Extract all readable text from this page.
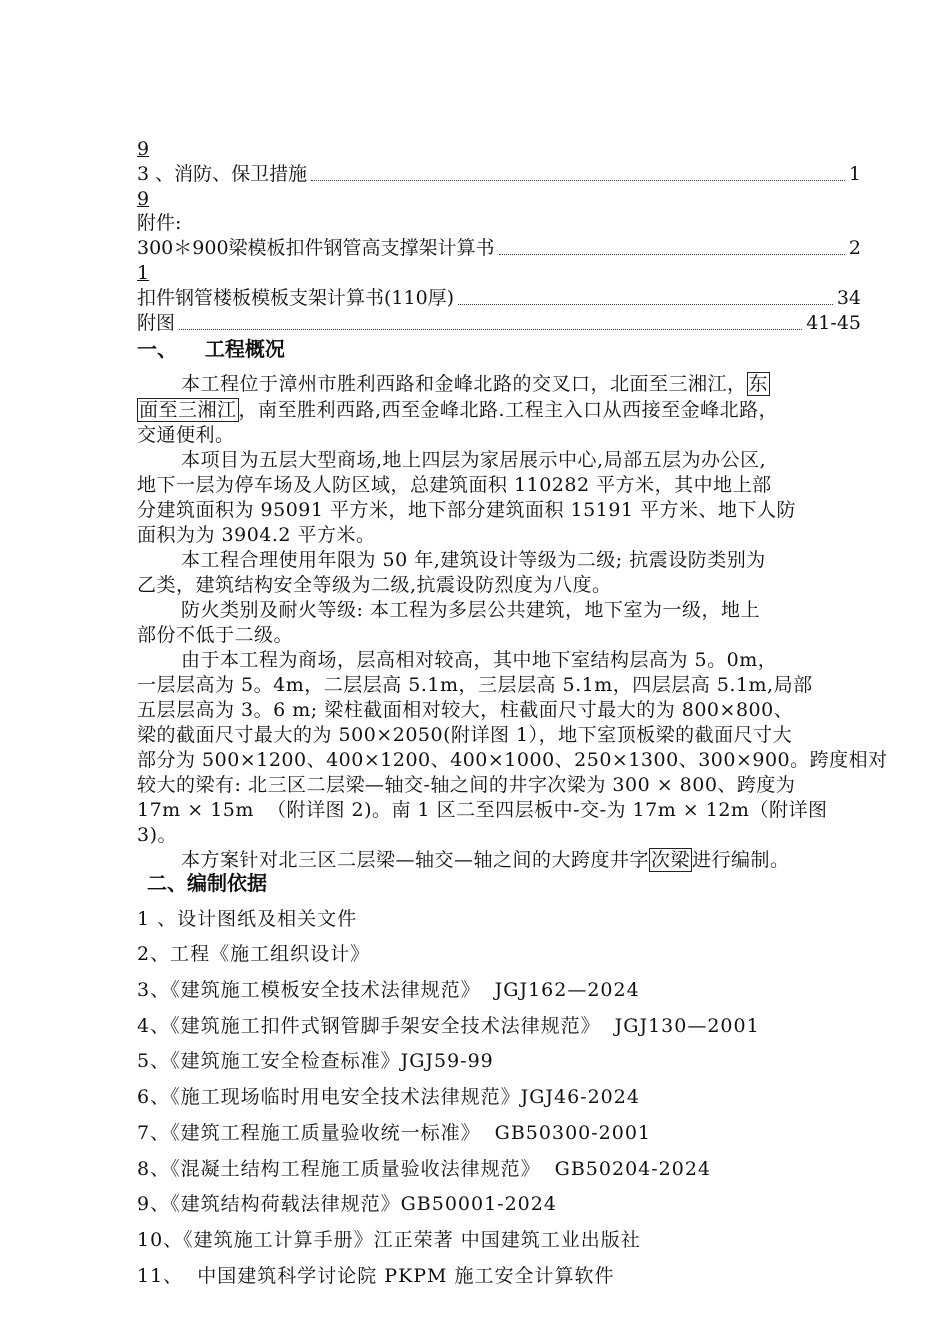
9
3 、消防、保卫措施	1
9
附件:
300＊900梁模板扣件钢管高支撑架计算书	2
1
扣件钢管楼板模板支架计算书(110厚)	34
附图	41-45
一、    工程概况
本工程位于漳州市胜利西路和金峰北路的交叉口，北面至三湘江， 东
面至三湘江 ，南至胜利西路,西至金峰北路.工程主入口从西接至金峰北路，
交通便利。
本项目为五层大型商场,地上四层为家居展示中心,局部五层为办公区,
地下一层为停车场及人防区域，总建筑面积 110282 平方米，其中地上部
分建筑面积为 95091 平方米，地下部分建筑面积 15191 平方米、地下人防
面积为为 3904.2 平方米。
本工程合理使用年限为 50 年,建筑设计等级为二级; 抗震设防类别为
乙类，建筑结构安全等级为二级,抗震设防烈度为八度。
防火类别及耐火等级: 本工程为多层公共建筑，地下室为一级，地上
部份不低于二级。
由于本工程为商场，层高相对较高，其中地下室结构层高为 5。0m，
一层层高为 5。4m，二层层高 5.1m，三层层高 5.1m，四层层高 5.1m,局部
五层层高为 3。6 m; 梁柱截面相对较大，柱截面尺寸最大的为 800×800、
梁的截面尺寸最大的为 500×2050(附详图 1），地下室顶板梁的截面尺寸大
部分为 500×1200、400×1200、400×1000、250×1300、300×900。跨度相对
较大的梁有: 北三区二层梁—轴交-轴之间的井字次梁为 300 × 800、跨度为
17m × 15m  （附详图 2)。南 1 区二至四层板中-交-为 17m × 12m（附详图
3)。
本方案针对北三区二层梁—轴交—轴之间的大跨度井字 次梁 进行编制。
二、编制依据
1 、设计图纸及相关文件
2、工程《施工组织设计》
3、《建筑施工模板安全技术法律规范》  JGJ162—2024
4、《建筑施工扣件式钢管脚手架安全技术法律规范》  JGJ130—2001
5、《建筑施工安全检查标准》JGJ59-99
6、《施工现场临时用电安全技术法律规范》JGJ46-2024
7、《建筑工程施工质量验收统一标准》  GB50300-2001
8、《混凝土结构工程施工质量验收法律规范》  GB50204-2024
9、《建筑结构荷载法律规范》GB50001-2024
10、《建筑施工计算手册》江正荣著 中国建筑工业出版社
11、  中国建筑科学讨论院 PKPM 施工安全计算软件
